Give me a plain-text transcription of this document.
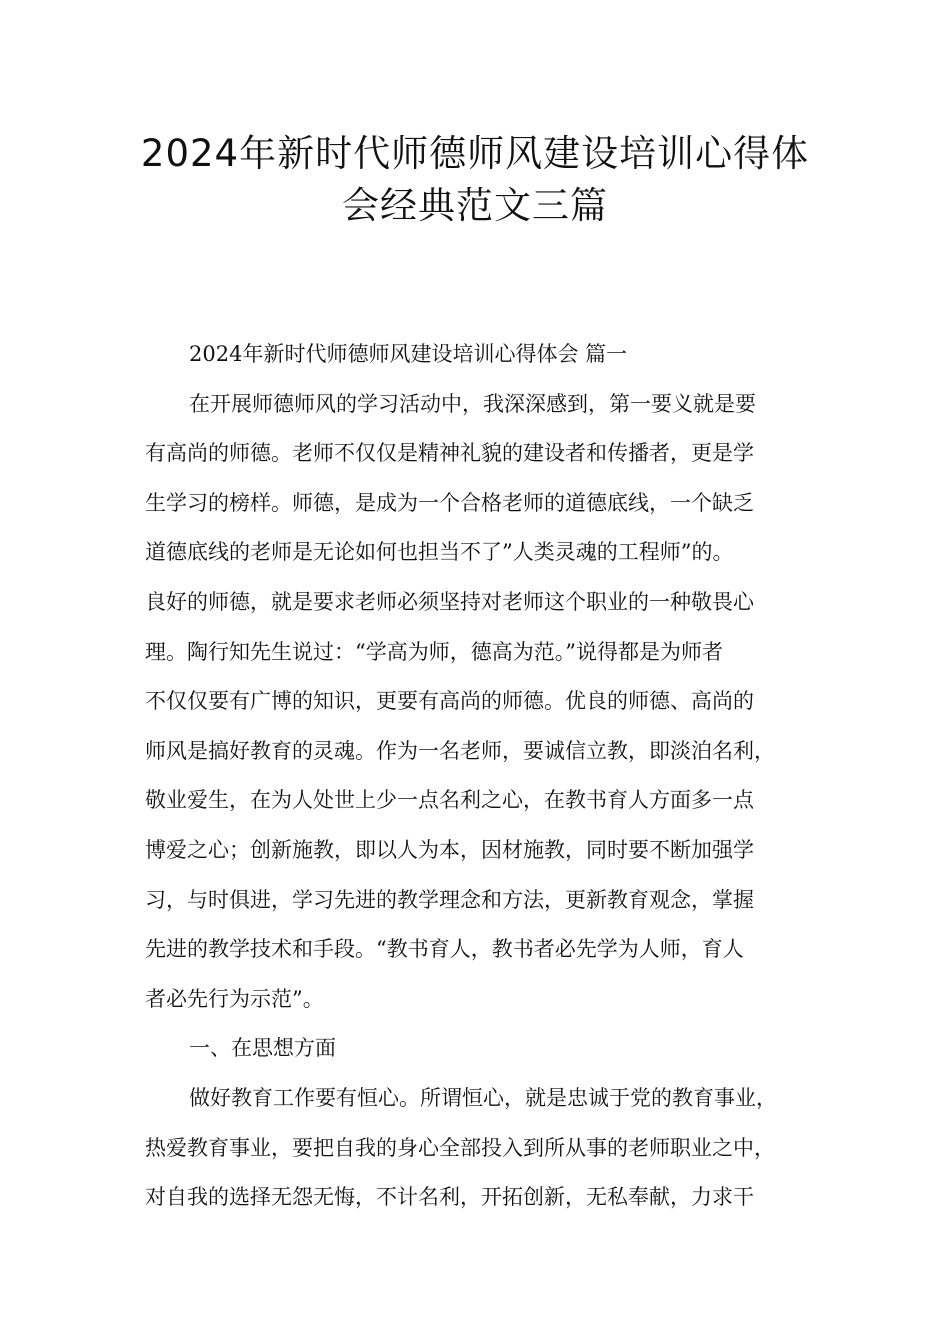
2024年新时代师德师风建设培训心得体
会经典范文三篇
2024年新时代师德师风建设培训心得体会 篇一
在开展师德师风的学习活动中，我深深感到，第一要义就是要
有高尚的师德。老师不仅仅是精神礼貌的建设者和传播者，更是学
生学习的榜样。师德，是成为一个合格老师的道德底线，一个缺乏
道德底线的老师是无论如何也担当不了”人类灵魂的工程师”的。
良好的师德，就是要求老师必须坚持对老师这个职业的一种敬畏心
理。陶行知先生说过：“学高为师，德高为范。”说得都是为师者
不仅仅要有广博的知识，更要有高尚的师德。优良的师德、高尚的
师风是搞好教育的灵魂。作为一名老师，要诚信立教，即淡泊名利，
敬业爱生，在为人处世上少一点名利之心，在教书育人方面多一点
博爱之心；创新施教，即以人为本，因材施教，同时要不断加强学
习，与时俱进，学习先进的教学理念和方法，更新教育观念，掌握
先进的教学技术和手段。“教书育人，教书者必先学为人师，育人
者必先行为示范”。
一、在思想方面
做好教育工作要有恒心。所谓恒心，就是忠诚于党的教育事业，
热爱教育事业，要把自我的身心全部投入到所从事的老师职业之中，
对自我的选择无怨无悔，不计名利，开拓创新，无私奉献，力求干
